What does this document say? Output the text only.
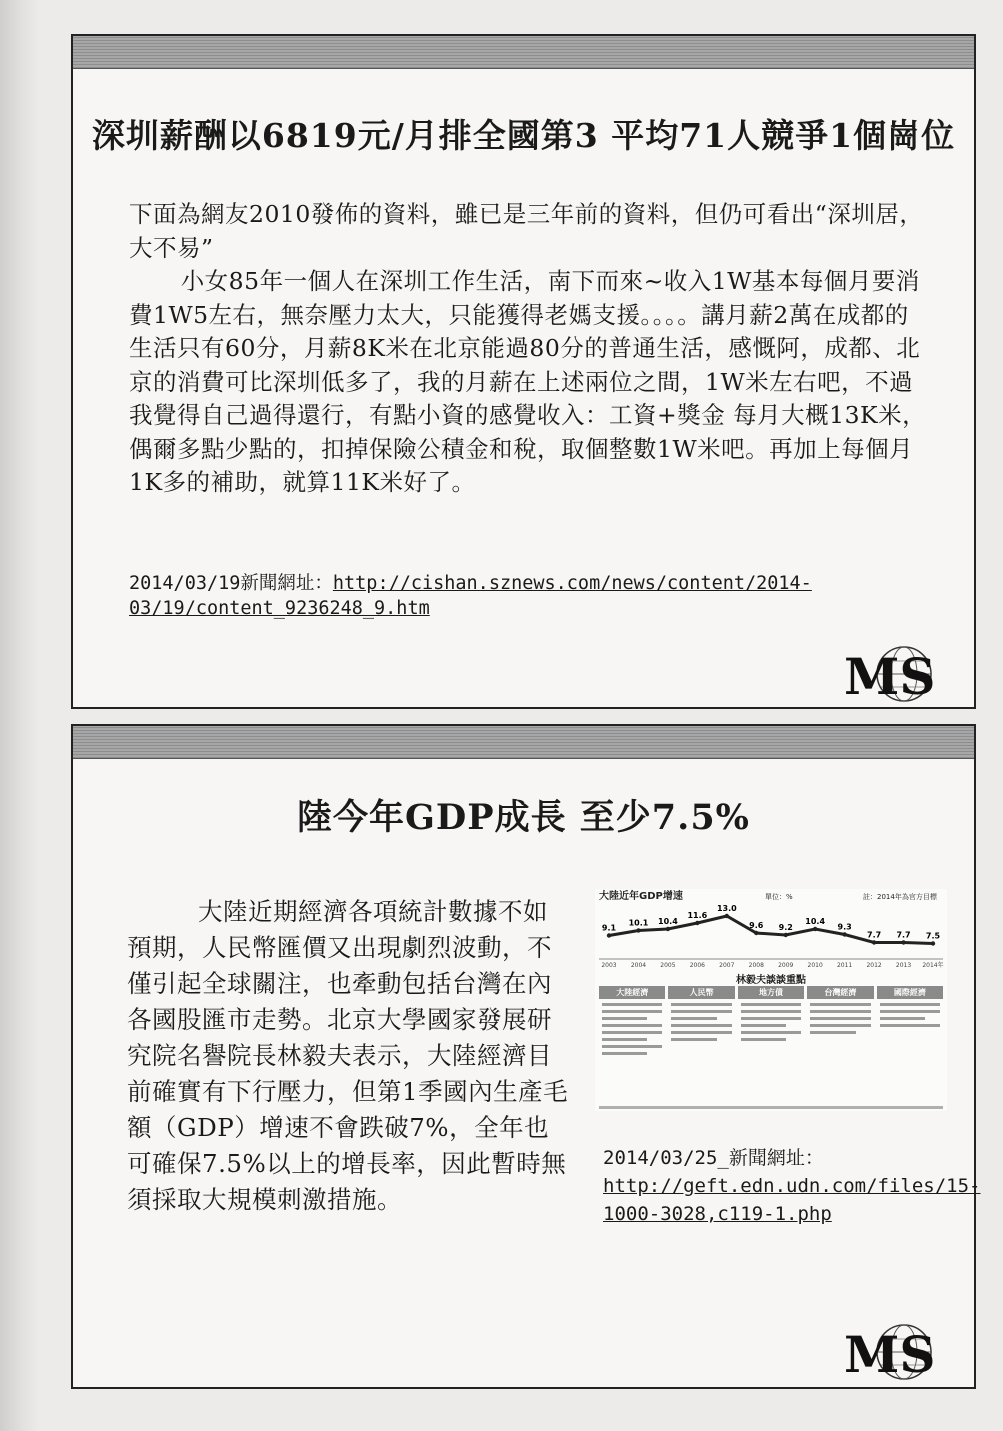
深圳薪酬以6819元/月排全國第3 平均71人競爭1個崗位

下面為網友2010發佈的資料，雖已是三年前的資料，但仍可看出“深圳居，大不易”

小女85年一個人在深圳工作生活，南下而來~收入1W基本每個月要消費1W5左右，無奈壓力太大，只能獲得老媽支援。。。。講月薪2萬在成都的生活只有60分，月薪8K米在北京能過80分的普通生活，感慨阿，成都、北京的消費可比深圳低多了，我的月薪在上述兩位之間，1W米左右吧，不過我覺得自己過得還行，有點小資的感覺收入：工資+獎金 每月大概13K米，偶爾多點少點的，扣掉保險公積金和稅，取個整數1W米吧。再加上每個月1K多的補助，就算11K米好了。

2014/03/19新聞網址：http://cishan.sznews.com/news/content/2014-03/19/content_9236248_9.htm
MS
陸今年GDP成長 至少7.5%

大陸近期經濟各項統計數據不如預期，人民幣匯價又出現劇烈波動，不僅引起全球關注，也牽動包括台灣在內各國股匯市走勢。北京大學國家發展研究院名譽院長林毅夫表示，大陸經濟目前確實有下行壓力，但第1季國內生產毛額（GDP）增速不會跌破7%，全年也可確保7.5%以上的增長率，因此暫時無須採取大規模刺激措施。

大陸近年GDP增速	單位：%	註：2014年為官方目標
9.1
2003
10.1
2004
10.4
2005
11.6
2006
13.0
2007
9.6
2008
9.2
2009
10.4
2010
9.3
2011
7.7
2012
7.7
2013
7.5
2014年
林毅夫談談重點
大陸經濟	人民幣	地方債	台灣經濟	國際經濟
2014/03/25_新聞網址：
http://geft.edn.udn.com/files/15-1000-3028,c119-1.php
MS
